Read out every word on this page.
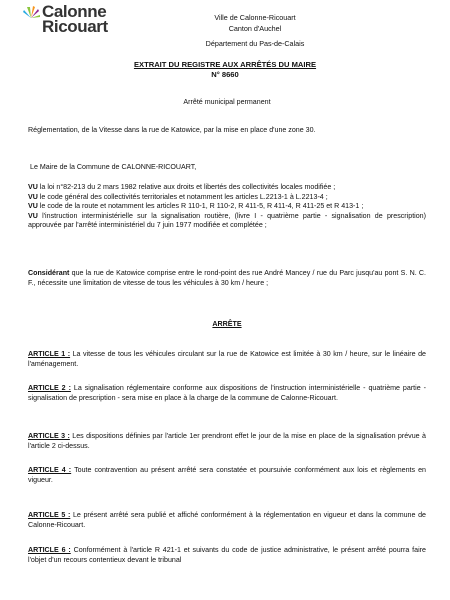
Calonne
Ricouart	Ville de Calonne-Ricouart
Canton d'Auchel
Département du Pas-de-Calais
EXTRAIT DU REGISTRE AUX ARRÊTÉS DU MAIRE
N° 8660
Arrêté municipal permanent
Réglementation, de la Vitesse dans la rue de Katowice, par la mise en place d'une zone 30.
Le Maire de la Commune de CALONNE-RICOUART,
VU la loi n°82-213 du 2 mars 1982 relative aux droits et libertés des collectivités locales modifiée ;
VU le code général des collectivités territoriales et notamment les articles L.2213-1 à L.2213-4 ;
VU le code de la route et notamment les articles R 110-1, R 110-2, R 411-5, R 411-4, R 411-25 et R 413-1 ;
VU l'instruction interministérielle sur la signalisation routière, (livre I - quatrième partie - signalisation de prescription) approuvée par l'arrêté interministériel du 7 juin 1977 modifiée et complétée ;
Considérant que la rue de Katowice comprise entre le rond-point des rue André Mancey / rue du Parc jusqu'au pont S. N. C. F., nécessite une limitation de vitesse de tous les véhicules à 30 km / heure ;
ARRÊTE
ARTICLE 1 : La vitesse de tous les véhicules circulant sur la rue de Katowice est limitée à 30 km / heure, sur le linéaire de l'aménagement.
ARTICLE 2 : La signalisation réglementaire conforme aux dispositions de l'instruction interministérielle - quatrième partie - signalisation de prescription - sera mise en place à la charge de la commune de Calonne-Ricouart.
ARTICLE 3 : Les dispositions définies par l'article 1er prendront effet le jour de la mise en place de la signalisation prévue à l'article 2 ci-dessus.
ARTICLE 4 : Toute contravention au présent arrêté sera constatée et poursuivie conformément aux lois et règlements en vigueur.
ARTICLE 5 : Le présent arrêté sera publié et affiché conformément à la réglementation en vigueur et dans la commune de Calonne-Ricouart.
ARTICLE 6 : Conformément à l'article R 421-1 et suivants du code de justice administrative, le présent arrêté pourra faire l'objet d'un recours contentieux devant le tribunal
